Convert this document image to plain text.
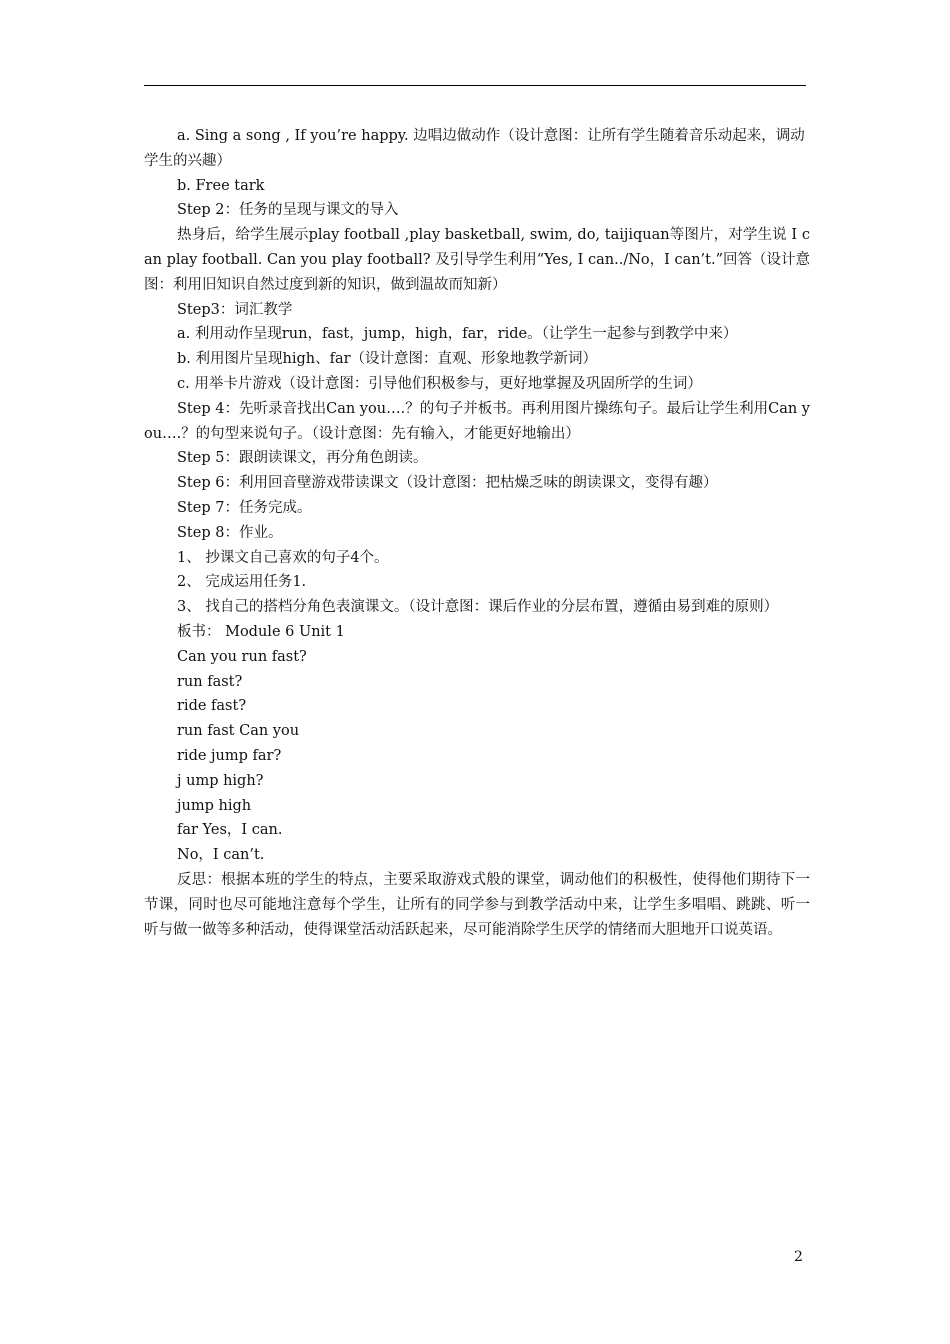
a. Sing a song , If you’re happy. 边唱边做动作（设计意图：让所有学生随着音乐动起来，调动学生的兴趣）

b. Free tark

Step 2：任务的呈现与课文的导入

热身后，给学生展示play football ,play basketball, swim, do, taijiquan等图片，对学生说 I can play football. Can you play football? 及引导学生利用“Yes, I can../No，I can’t.”回答（设计意图：利用旧知识自然过度到新的知识，做到温故而知新）

Step3：词汇教学

a. 利用动作呈现run，fast，jump，high，far，ride。（让学生一起参与到教学中来）

b. 利用图片呈现high、far（设计意图：直观、形象地教学新词）

c. 用举卡片游戏（设计意图：引导他们积极参与，更好地掌握及巩固所学的生词）

Step 4：先听录音找出Can you….？的句子并板书。再利用图片操练句子。最后让学生利用Can you….？的句型来说句子。（设计意图：先有输入，才能更好地输出）

Step 5：跟朗读课文，再分角色朗读。

Step 6：利用回音壁游戏带读课文（设计意图：把枯燥乏味的朗读课文，变得有趣）

Step 7：任务完成。

Step 8：作业。

1、 抄课文自己喜欢的句子4个。

2、 完成运用任务1.

3、 找自己的搭档分角色表演课文。（设计意图：课后作业的分层布置，遵循由易到难的原则）

板书： Module 6 Unit 1

Can you run fast?

run fast?

ride fast?

run fast Can you

ride jump far?

j ump high?

jump high

far Yes，I can.

No，I can’t.

反思：根据本班的学生的特点，主要采取游戏式般的课堂，调动他们的积极性，使得他们期待下一节课，同时也尽可能地注意每个学生，让所有的同学参与到教学活动中来，让学生多唱唱、跳跳、听一听与做一做等多种活动，使得课堂活动活跃起来，尽可能消除学生厌学的情绪而大胆地开口说英语。

2
